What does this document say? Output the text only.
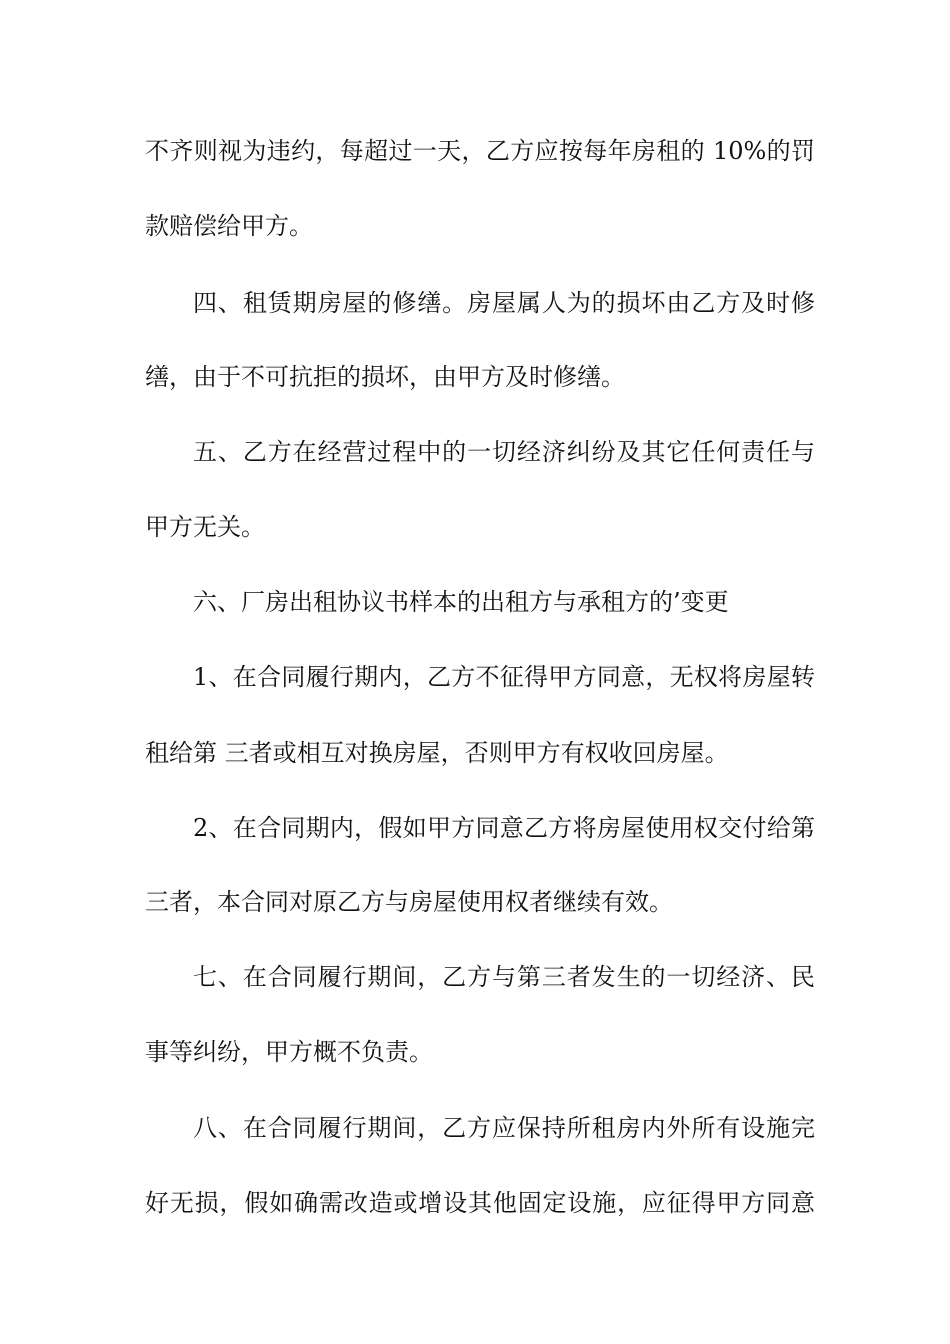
不齐则视为违约，每超过一天，乙方应按每年房租的 10%的罚
款赔偿给甲方。
四、租赁期房屋的修缮。房屋属人为的损坏由乙方及时修
缮，由于不可抗拒的损坏，由甲方及时修缮。
五、乙方在经营过程中的一切经济纠纷及其它任何责任与
甲方无关。
六、厂房出租协议书样本的出租方与承租方的’变更
1、在合同履行期内，乙方不征得甲方同意，无权将房屋转
租给第 三者或相互对换房屋，否则甲方有权收回房屋。
2、在合同期内，假如甲方同意乙方将房屋使用权交付给第
三者，本合同对原乙方与房屋使用权者继续有效。
七、在合同履行期间，乙方与第三者发生的一切经济、民
事等纠纷，甲方概不负责。
八、在合同履行期间，乙方应保持所租房内外所有设施完
好无损，假如确需改造或增设其他固定设施，应征得甲方同意
